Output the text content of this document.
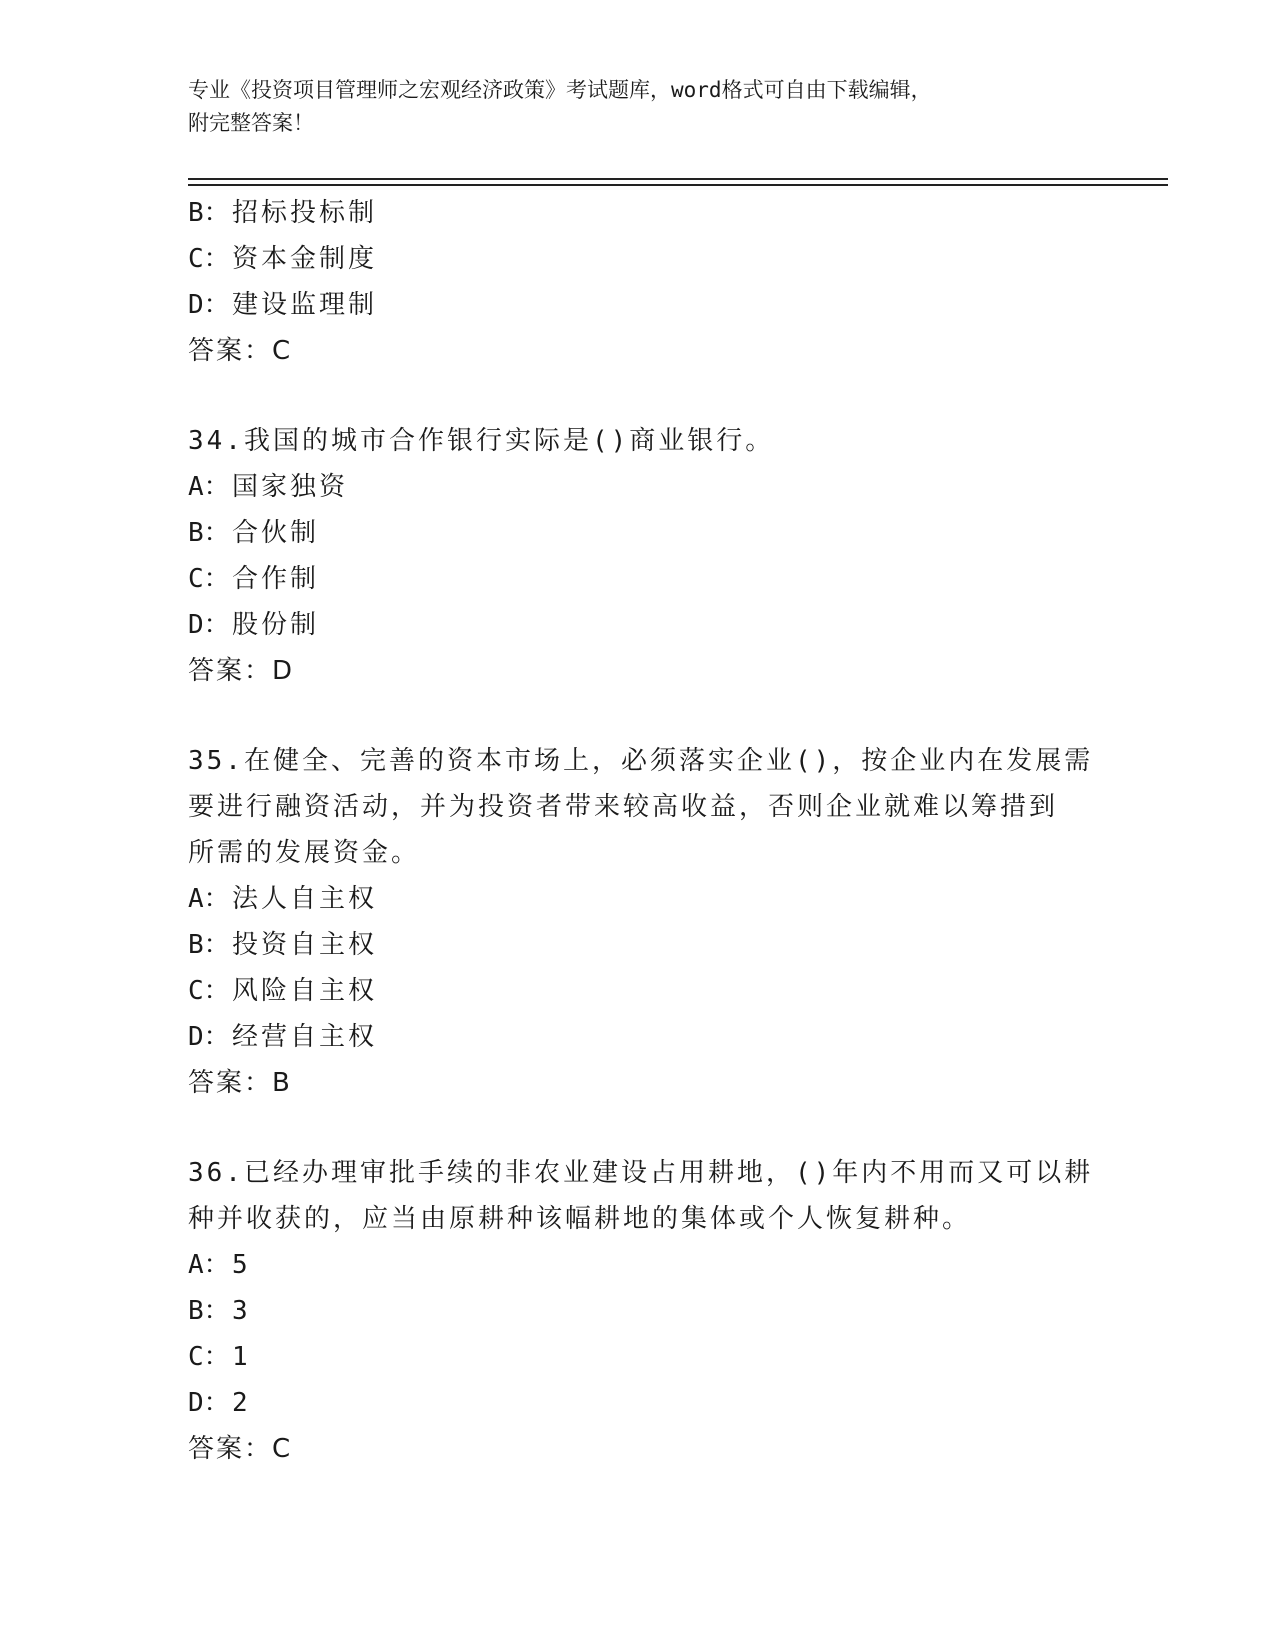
专业《投资项目管理师之宏观经济政策》考试题库，word格式可自由下载编辑，
附完整答案！
B：招标投标制
C：资本金制度
D：建设监理制
答案：C
34.我国的城市合作银行实际是()商业银行。
A：国家独资
B：合伙制
C：合作制
D：股份制
答案：D
35.在健全、完善的资本市场上，必须落实企业()，按企业内在发展需
要进行融资活动，并为投资者带来较高收益，否则企业就难以筹措到
所需的发展资金。
A：法人自主权
B：投资自主权
C：风险自主权
D：经营自主权
答案：B
36.已经办理审批手续的非农业建设占用耕地，()年内不用而又可以耕
种并收获的，应当由原耕种该幅耕地的集体或个人恢复耕种。
A：5
B：3
C：1
D：2
答案：C
